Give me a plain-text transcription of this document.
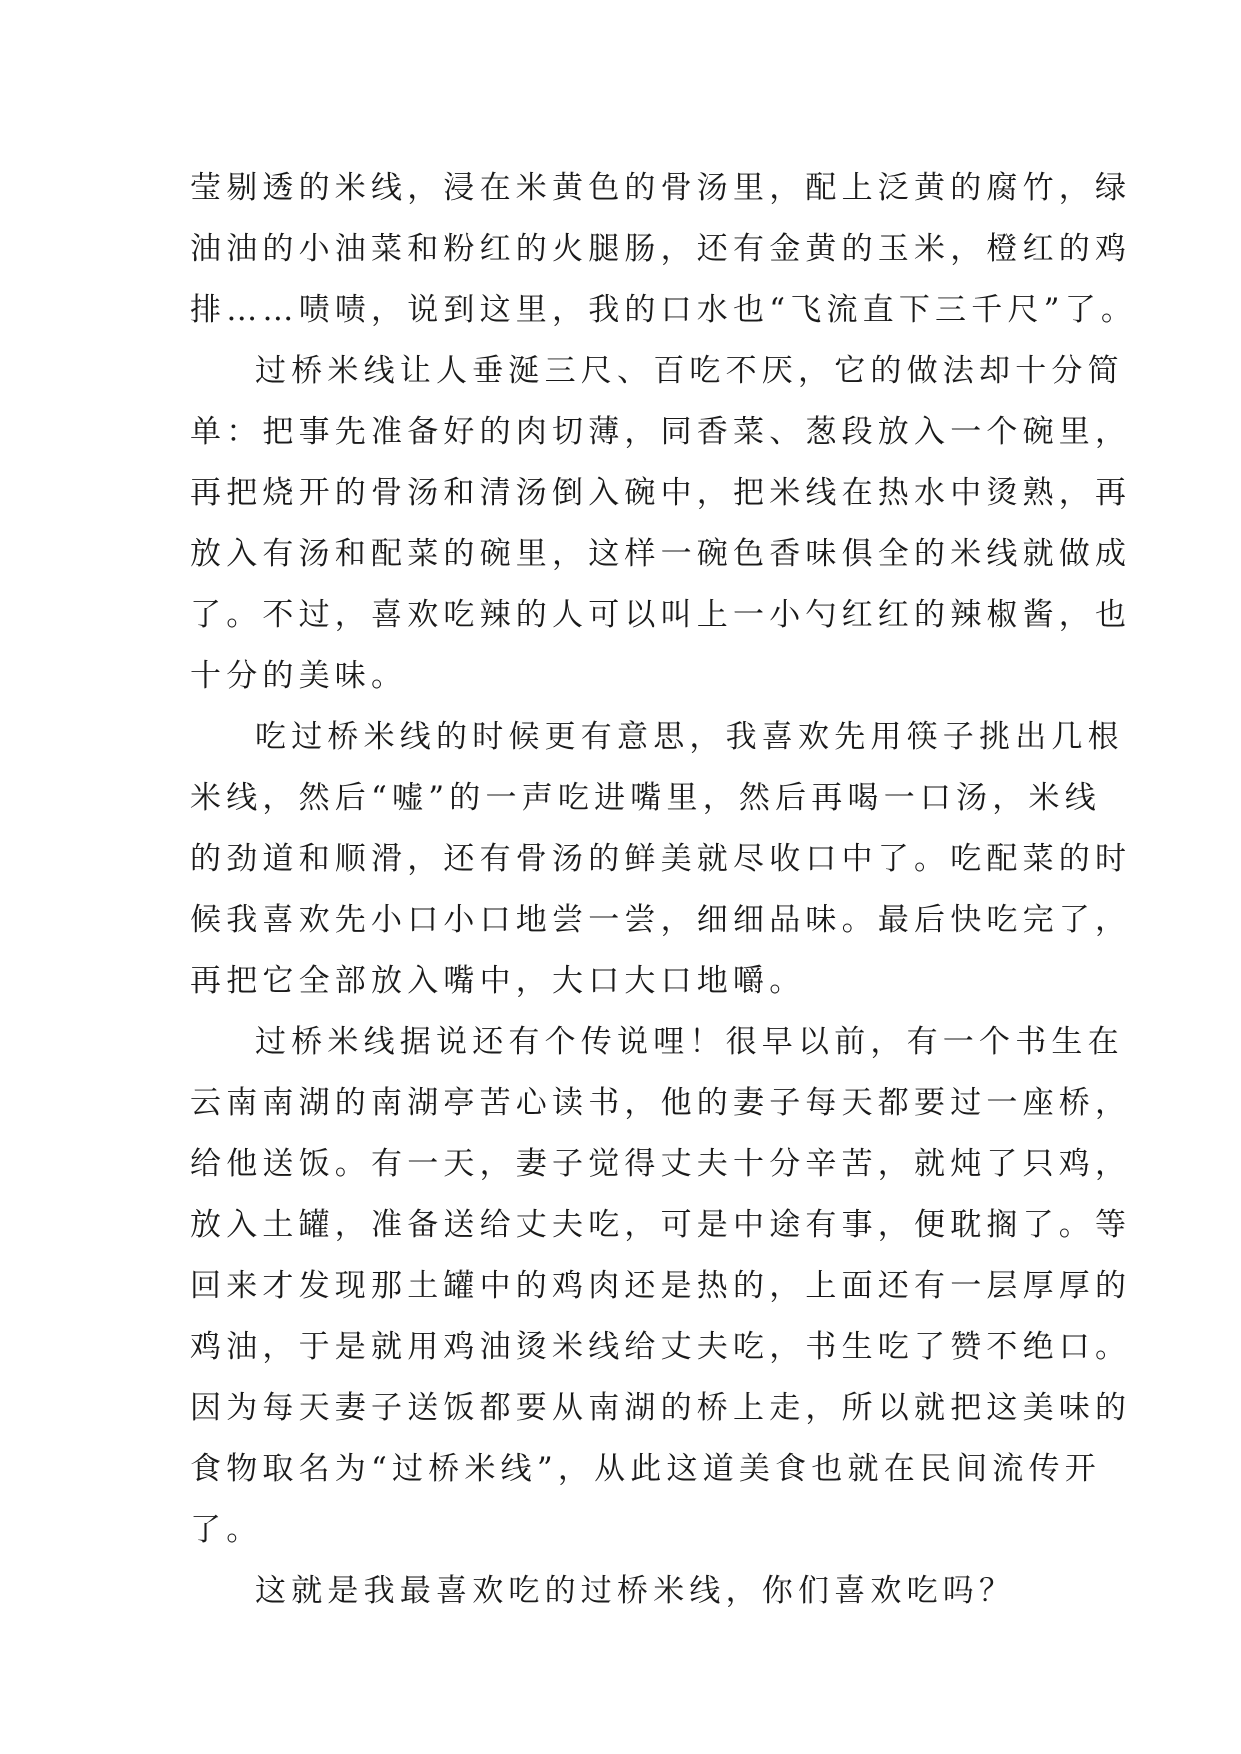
莹剔透的米线，浸在米黄色的骨汤里，配上泛黄的腐竹，绿

油油的小油菜和粉红的火腿肠，还有金黄的玉米，橙红的鸡

排……啧啧，说到这里，我的口水也“飞流直下三千尺”了。

过桥米线让人垂涎三尺、百吃不厌，它的做法却十分简

单：把事先准备好的肉切薄，同香菜、葱段放入一个碗里，

再把烧开的骨汤和清汤倒入碗中，把米线在热水中烫熟，再

放入有汤和配菜的碗里，这样一碗色香味俱全的米线就做成

了。不过，喜欢吃辣的人可以叫上一小勺红红的辣椒酱，也

十分的美味。

吃过桥米线的时候更有意思，我喜欢先用筷子挑出几根

米线，然后“嘘”的一声吃进嘴里，然后再喝一口汤，米线

的劲道和顺滑，还有骨汤的鲜美就尽收口中了。吃配菜的时

候我喜欢先小口小口地尝一尝，细细品味。最后快吃完了，

再把它全部放入嘴中，大口大口地嚼。

过桥米线据说还有个传说哩！很早以前，有一个书生在

云南南湖的南湖亭苦心读书，他的妻子每天都要过一座桥，

给他送饭。有一天，妻子觉得丈夫十分辛苦，就炖了只鸡，

放入土罐，准备送给丈夫吃，可是中途有事，便耽搁了。等

回来才发现那土罐中的鸡肉还是热的，上面还有一层厚厚的

鸡油，于是就用鸡油烫米线给丈夫吃，书生吃了赞不绝口。

因为每天妻子送饭都要从南湖的桥上走，所以就把这美味的

食物取名为“过桥米线”，从此这道美食也就在民间流传开

了。

这就是我最喜欢吃的过桥米线，你们喜欢吃吗？
